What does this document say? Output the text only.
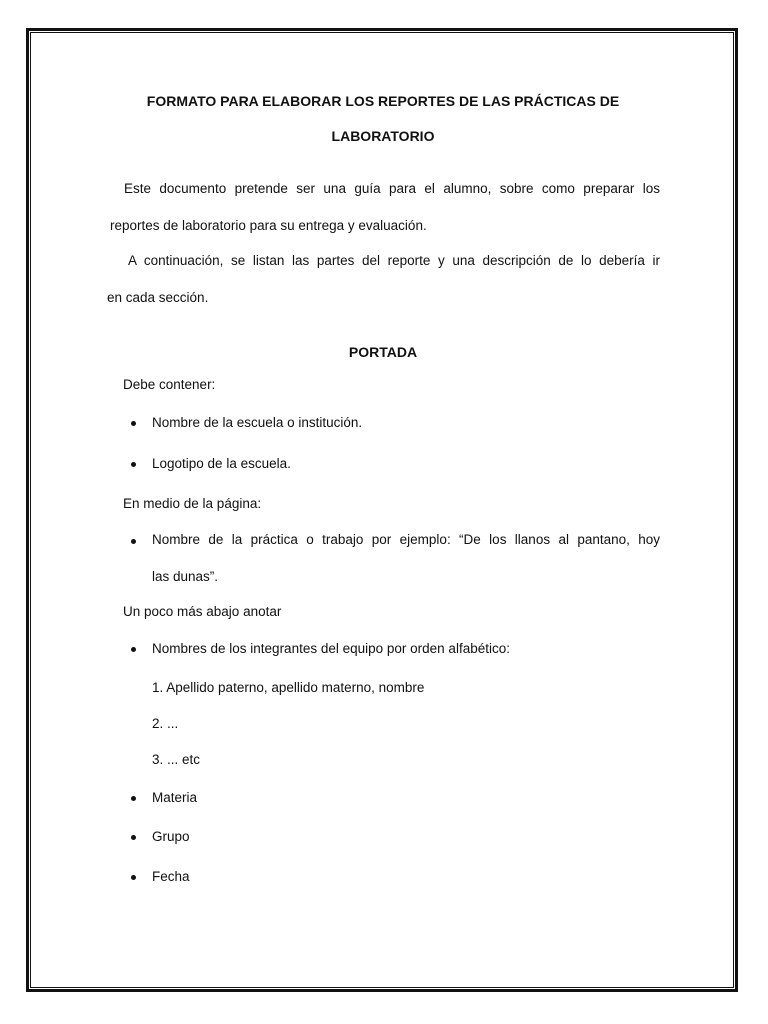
FORMATO PARA ELABORAR LOS REPORTES DE LAS PRÁCTICAS DE

LABORATORIO

Este documento pretende ser una guía para el alumno, sobre como preparar los

reportes de laboratorio para su entrega y evaluación.

A continuación, se listan las partes del reporte y una descripción de lo debería ir

en cada sección.

PORTADA

Debe contener:

Nombre de la escuela o institución.

Logotipo de la escuela.

En medio de la página:

Nombre de la práctica o trabajo por ejemplo: “De los llanos al pantano, hoy

las dunas”.

Un poco más abajo anotar

Nombres de los integrantes del equipo por orden alfabético:

1. Apellido paterno, apellido materno, nombre

2. ...

3. ... etc

Materia

Grupo

Fecha
